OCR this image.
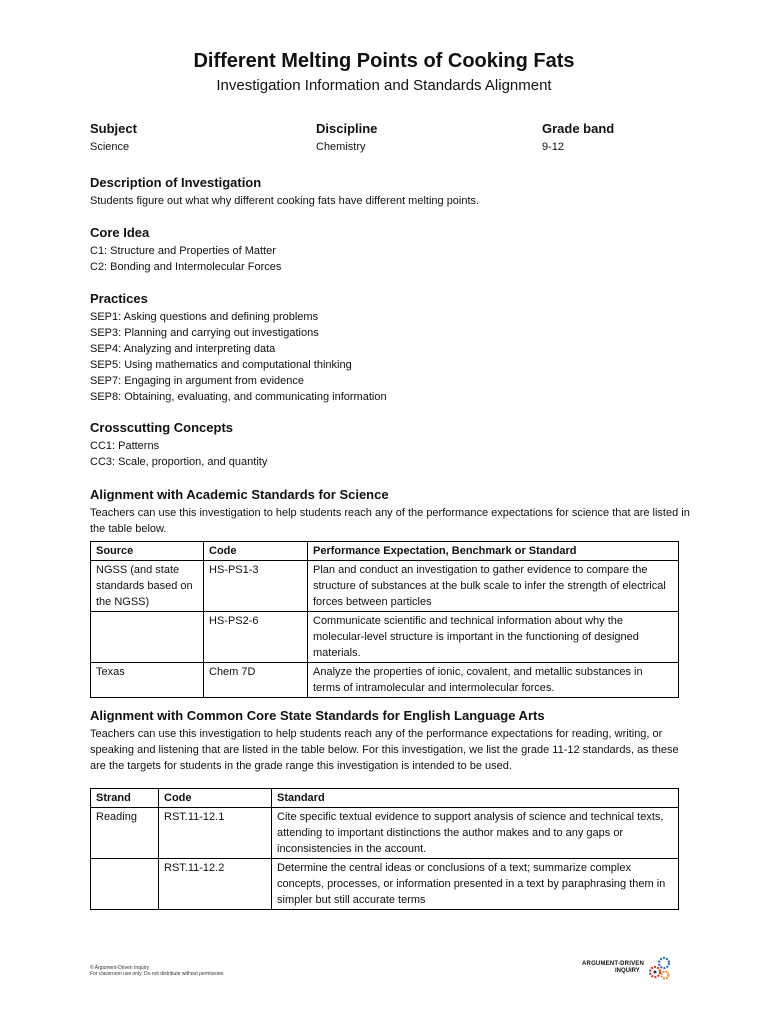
Different Melting Points of Cooking Fats
Investigation Information and Standards Alignment
Subject
Science
Discipline
Chemistry
Grade band
9-12
Description of Investigation
Students figure out what why different cooking fats have different melting points.
Core Idea
C1: Structure and Properties of Matter
C2: Bonding and Intermolecular Forces
Practices
SEP1: Asking questions and defining problems
SEP3: Planning and carrying out investigations
SEP4: Analyzing and interpreting data
SEP5: Using mathematics and computational thinking
SEP7: Engaging in argument from evidence
SEP8: Obtaining, evaluating, and communicating information
Crosscutting Concepts
CC1: Patterns
CC3: Scale, proportion, and quantity
Alignment with Academic Standards for Science
Teachers can use this investigation to help students reach any of the performance expectations for science that are listed in the table below.
Source	Code	Performance Expectation, Benchmark or Standard
NGSS (and state standards based on the NGSS)	HS-PS1-3	Plan and conduct an investigation to gather evidence to compare the structure of substances at the bulk scale to infer the strength of electrical forces between particles
	HS-PS2-6	Communicate scientific and technical information about why the molecular-level structure is important in the functioning of designed materials.
Texas	Chem 7D	Analyze the properties of ionic, covalent, and metallic substances in terms of intramolecular and intermolecular forces.
Alignment with Common Core State Standards for English Language Arts
Teachers can use this investigation to help students reach any of the performance expectations for reading, writing, or speaking and listening that are listed in the table below. For this investigation, we list the grade 11-12 standards, as these are the targets for students in the grade range this investigation is intended to be used.
Strand	Code	Standard
Reading	RST.11-12.1	Cite specific textual evidence to support analysis of science and technical texts, attending to important distinctions the author makes and to any gaps or inconsistencies in the account.
	RST.11-12.2	Determine the central ideas or conclusions of a text; summarize complex concepts, processes, or information presented in a text by paraphrasing them in simpler but still accurate terms
© Argument-Driven Inquiry
For classroom use only. Do not distribute without permission.
ARGUMENT-DRIVEN
INQUIRY
